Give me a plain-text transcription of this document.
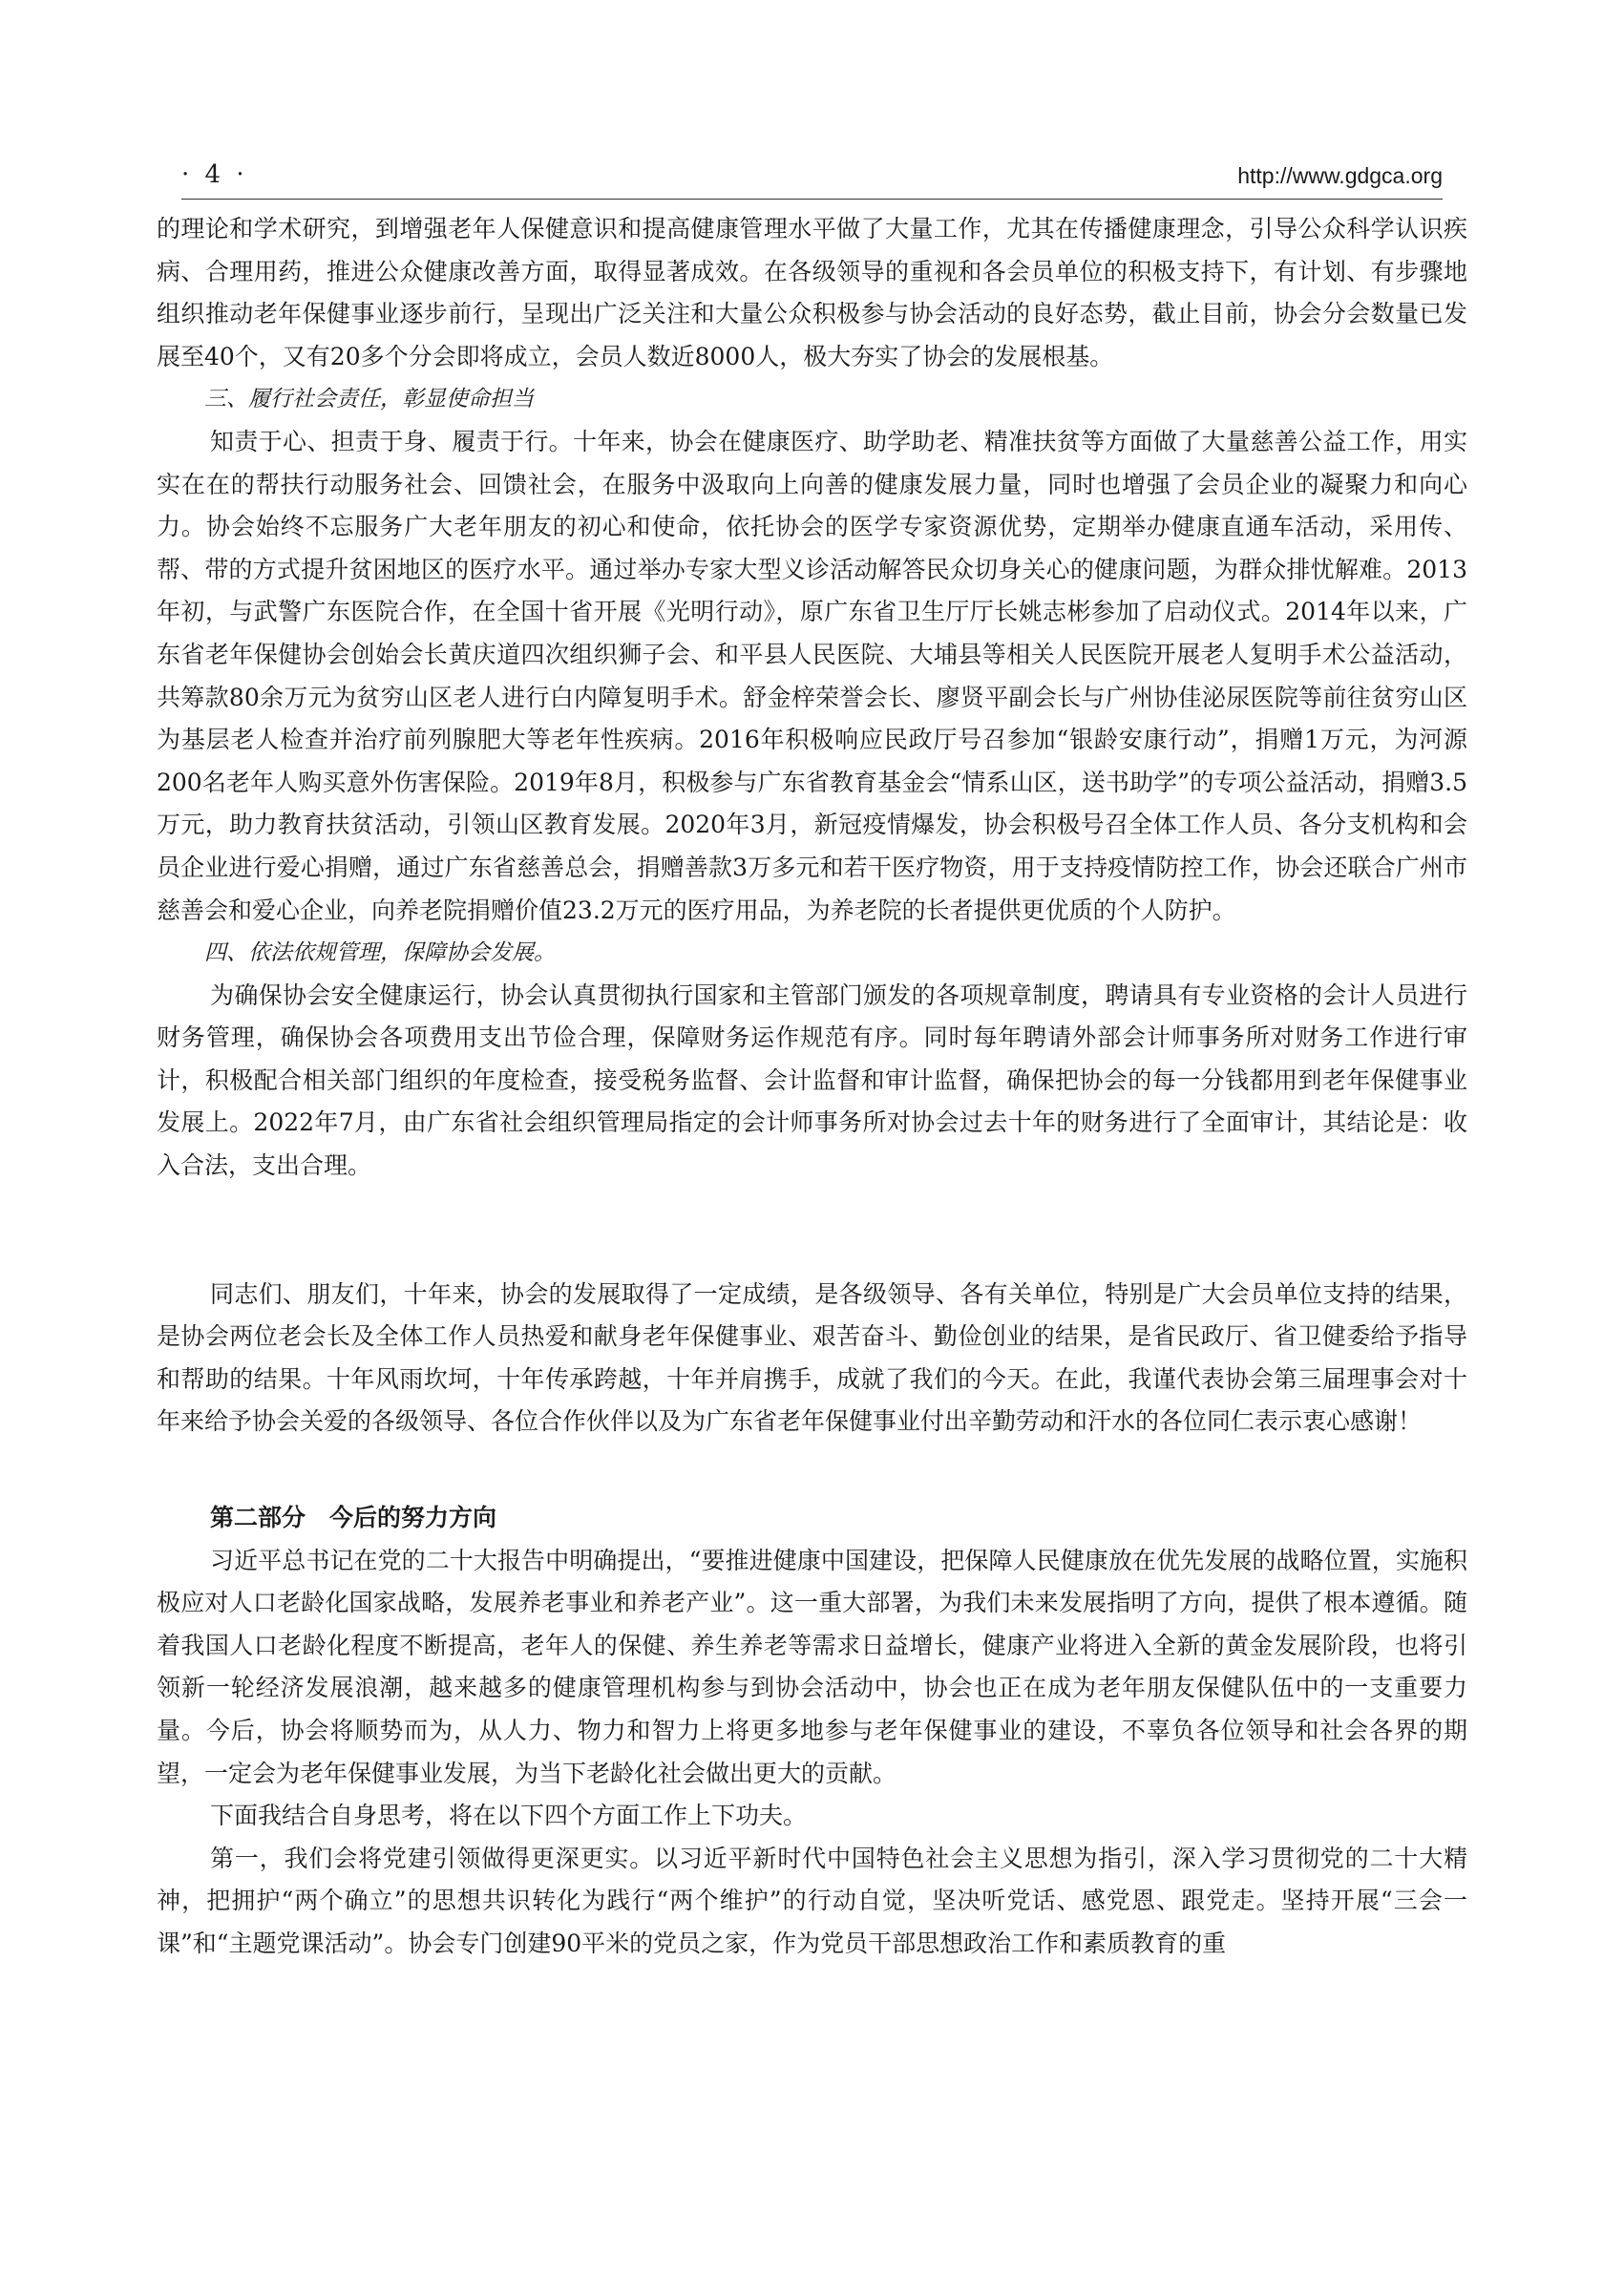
· 4 ·	http://www.gdgca.org

的理论和学术研究，到增强老年人保健意识和提高健康管理水平做了大量工作，尤其在传播健康理念，引导公众科学认识疾病、合理用药，推进公众健康改善方面，取得显著成效。在各级领导的重视和各会员单位的积极支持下，有计划、有步骤地组织推动老年保健事业逐步前行，呈现出广泛关注和大量公众积极参与协会活动的良好态势，截止目前，协会分会数量已发展至40个，又有20多个分会即将成立，会员人数近8000人，极大夯实了协会的发展根基。

三、履行社会责任，彰显使命担当

知责于心、担责于身、履责于行。十年来，协会在健康医疗、助学助老、精准扶贫等方面做了大量慈善公益工作，用实实在在的帮扶行动服务社会、回馈社会，在服务中汲取向上向善的健康发展力量，同时也增强了会员企业的凝聚力和向心力。协会始终不忘服务广大老年朋友的初心和使命，依托协会的医学专家资源优势，定期举办健康直通车活动，采用传、帮、带的方式提升贫困地区的医疗水平。通过举办专家大型义诊活动解答民众切身关心的健康问题，为群众排忧解难。2013年初，与武警广东医院合作，在全国十省开展《光明行动》，原广东省卫生厅厅长姚志彬参加了启动仪式。2014年以来，广东省老年保健协会创始会长黄庆道四次组织狮子会、和平县人民医院、大埔县等相关人民医院开展老人复明手术公益活动，共筹款80余万元为贫穷山区老人进行白内障复明手术。舒金梓荣誉会长、廖贤平副会长与广州协佳泌尿医院等前往贫穷山区为基层老人检查并治疗前列腺肥大等老年性疾病。2016年积极响应民政厅号召参加“银龄安康行动”，捐赠1万元，为河源200名老年人购买意外伤害保险。2019年8月，积极参与广东省教育基金会“情系山区，送书助学”的专项公益活动，捐赠3.5万元，助力教育扶贫活动，引领山区教育发展。2020年3月，新冠疫情爆发，协会积极号召全体工作人员、各分支机构和会员企业进行爱心捐赠，通过广东省慈善总会，捐赠善款3万多元和若干医疗物资，用于支持疫情防控工作，协会还联合广州市慈善会和爱心企业，向养老院捐赠价值23.2万元的医疗用品，为养老院的长者提供更优质的个人防护。

四、依法依规管理，保障协会发展。

为确保协会安全健康运行，协会认真贯彻执行国家和主管部门颁发的各项规章制度，聘请具有专业资格的会计人员进行财务管理，确保协会各项费用支出节俭合理，保障财务运作规范有序。同时每年聘请外部会计师事务所对财务工作进行审计，积极配合相关部门组织的年度检查，接受税务监督、会计监督和审计监督，确保把协会的每一分钱都用到老年保健事业发展上。2022年7月，由广东省社会组织管理局指定的会计师事务所对协会过去十年的财务进行了全面审计，其结论是：收入合法，支出合理。

同志们、朋友们，十年来，协会的发展取得了一定成绩，是各级领导、各有关单位，特别是广大会员单位支持的结果，是协会两位老会长及全体工作人员热爱和献身老年保健事业、艰苦奋斗、勤俭创业的结果，是省民政厅、省卫健委给予指导和帮助的结果。十年风雨坎坷，十年传承跨越，十年并肩携手，成就了我们的今天。在此，我谨代表协会第三届理事会对十年来给予协会关爱的各级领导、各位合作伙伴以及为广东省老年保健事业付出辛勤劳动和汗水的各位同仁表示衷心感谢！

第二部分　今后的努力方向

习近平总书记在党的二十大报告中明确提出，“要推进健康中国建设，把保障人民健康放在优先发展的战略位置，实施积极应对人口老龄化国家战略，发展养老事业和养老产业”。这一重大部署，为我们未来发展指明了方向，提供了根本遵循。随着我国人口老龄化程度不断提高，老年人的保健、养生养老等需求日益增长，健康产业将进入全新的黄金发展阶段，也将引领新一轮经济发展浪潮，越来越多的健康管理机构参与到协会活动中，协会也正在成为老年朋友保健队伍中的一支重要力量。今后，协会将顺势而为，从人力、物力和智力上将更多地参与老年保健事业的建设，不辜负各位领导和社会各界的期望，一定会为老年保健事业发展，为当下老龄化社会做出更大的贡献。

下面我结合自身思考，将在以下四个方面工作上下功夫。

第一，我们会将党建引领做得更深更实。以习近平新时代中国特色社会主义思想为指引，深入学习贯彻党的二十大精神，把拥护“两个确立”的思想共识转化为践行“两个维护”的行动自觉，坚决听党话、感党恩、跟党走。坚持开展“三会一课”和“主题党课活动”。协会专门创建90平米的党员之家，作为党员干部思想政治工作和素质教育的重
